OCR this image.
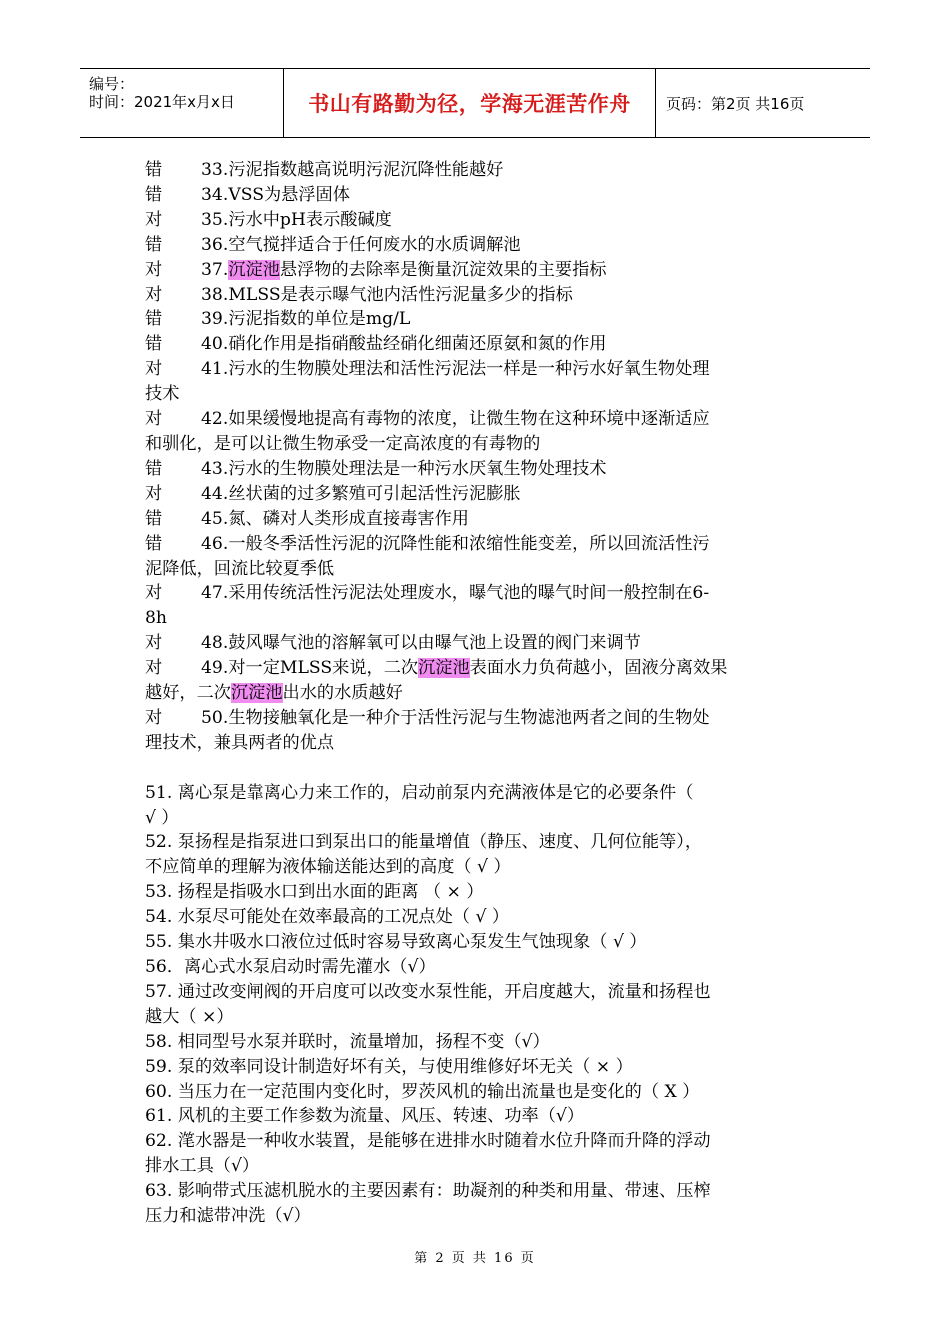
编号：
时间：2021年x月x日	书山有路勤为径，学海无涯苦作舟	页码：第2页 共16页
错	33.污泥指数越高说明污泥沉降性能越好
错	34.VSS为悬浮固体
对	35.污水中pH表示酸碱度
错	36.空气搅拌适合于任何废水的水质调解池
对	37.沉淀池悬浮物的去除率是衡量沉淀效果的主要指标
对	38.MLSS是表示曝气池内活性污泥量多少的指标
错	39.污泥指数的单位是mg/L
错	40.硝化作用是指硝酸盐经硝化细菌还原氨和氮的作用
对	41.污水的生物膜处理法和活性污泥法一样是一种污水好氧生物处理
技术
对	42.如果缓慢地提高有毒物的浓度，让微生物在这种环境中逐渐适应
和驯化，是可以让微生物承受一定高浓度的有毒物的
错	43.污水的生物膜处理法是一种污水厌氧生物处理技术
对	44.丝状菌的过多繁殖可引起活性污泥膨胀
错	45.氮、磷对人类形成直接毒害作用
错	46.一般冬季活性污泥的沉降性能和浓缩性能变差，所以回流活性污
泥降低，回流比较夏季低
对	47.采用传统活性污泥法处理废水，曝气池的曝气时间一般控制在6-
8h
对	48.鼓风曝气池的溶解氧可以由曝气池上设置的阀门来调节
对	49.对一定MLSS来说，二次沉淀池表面水力负荷越小，固液分离效果
越好，二次沉淀池出水的水质越好
对	50.生物接触氧化是一种介于活性污泥与生物滤池两者之间的生物处
理技术，兼具两者的优点
51. 离心泵是靠离心力来工作的，启动前泵内充满液体是它的必要条件（
√ ）
52. 泵扬程是指泵进口到泵出口的能量增值（静压、速度、几何位能等），
不应简单的理解为液体输送能达到的高度（ √ ）
53. 扬程是指吸水口到出水面的距离 （ × ）
54. 水泵尽可能处在效率最高的工况点处（ √ ）
55. 集水井吸水口液位过低时容易导致离心泵发生气蚀现象（ √ ）
56．离心式水泵启动时需先灌水（√）
57. 通过改变闸阀的开启度可以改变水泵性能，开启度越大，流量和扬程也
越大（ ×）
58. 相同型号水泵并联时，流量增加，扬程不变（√）
59. 泵的效率同设计制造好坏有关，与使用维修好坏无关（ × ）
60. 当压力在一定范围内变化时，罗茨风机的输出流量也是变化的（ X ）
61. 风机的主要工作参数为流量、风压、转速、功率（√）
62. 滗水器是一种收水装置，是能够在进排水时随着水位升降而升降的浮动
排水工具（√）
63. 影响带式压滤机脱水的主要因素有：助凝剂的种类和用量、带速、压榨
压力和滤带冲洗（√）
第 2 页 共 16 页
